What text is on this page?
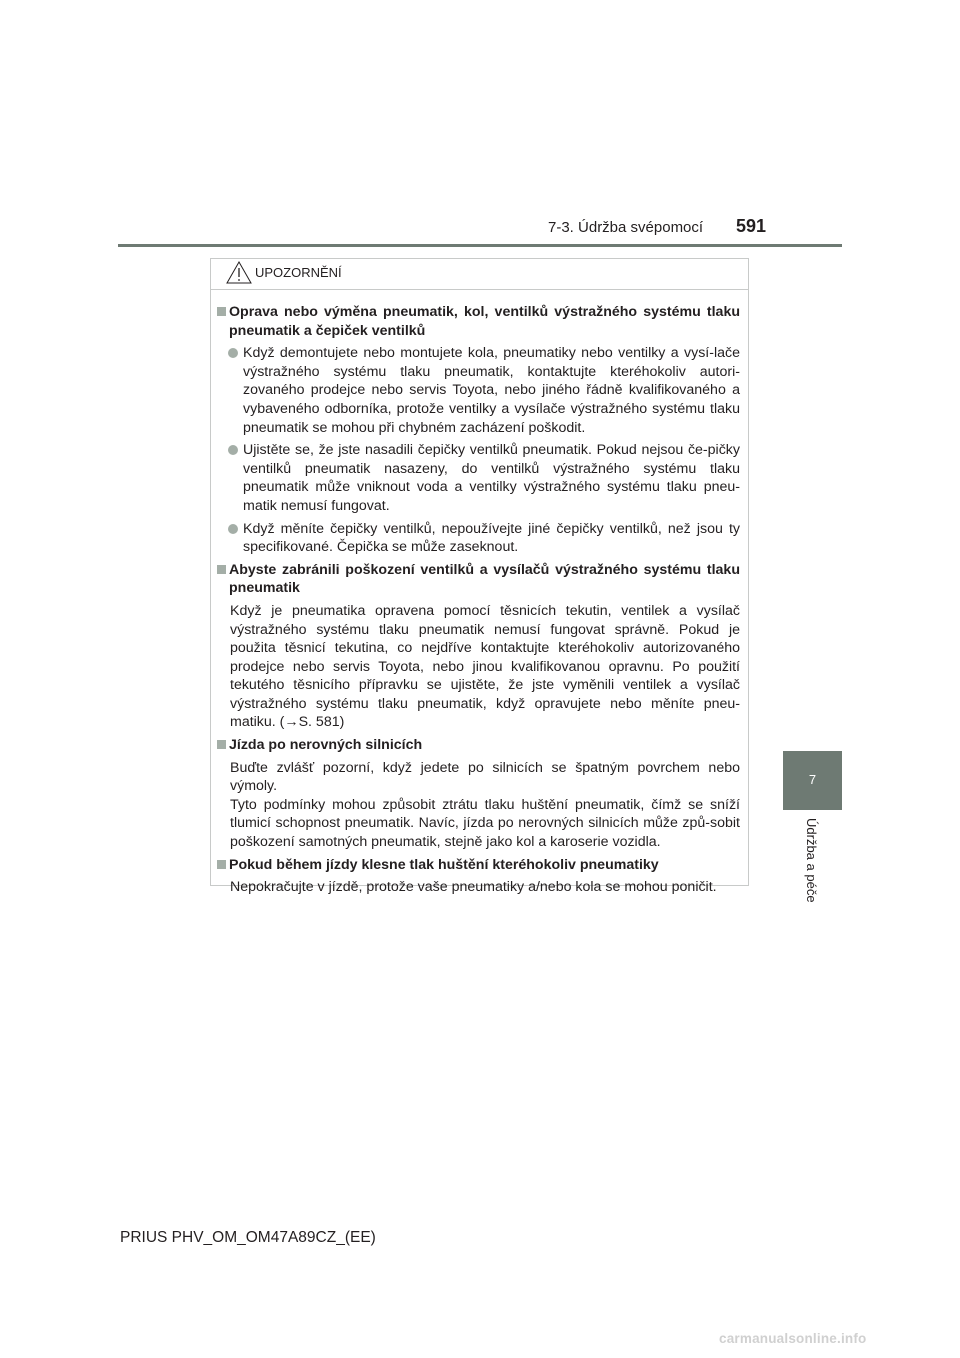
7-3. Údržba svépomocí 591
7
Údržba a péče
UPOZORNĚNÍ
Oprava nebo výměna pneumatik, kol, ventilků výstražného systému tlaku pneumatik a čepiček ventilků
Když demontujete nebo montujete kola, pneumatiky nebo ventilky a vysí-lače výstražného systému tlaku pneumatik, kontaktujte kteréhokoliv autori-zovaného prodejce nebo servis Toyota, nebo jiného řádně kvalifikovaného a vybaveného odborníka, protože ventilky a vysílače výstražného systému tlaku pneumatik se mohou při chybném zacházení poškodit.
Ujistěte se, že jste nasadili čepičky ventilků pneumatik. Pokud nejsou če-pičky ventilků pneumatik nasazeny, do ventilků výstražného systému tlaku pneumatik může vniknout voda a ventilky výstražného systému tlaku pneu-matik nemusí fungovat.
Když měníte čepičky ventilků, nepoužívejte jiné čepičky ventilků, než jsou ty specifikované. Čepička se může zaseknout.
Abyste zabránili poškození ventilků a vysílačů výstražného systému tlaku pneumatik
Když je pneumatika opravena pomocí těsnicích tekutin, ventilek a vysílač výstražného systému tlaku pneumatik nemusí fungovat správně. Pokud je použita těsnicí tekutina, co nejdříve kontaktujte kteréhokoliv autorizovaného prodejce nebo servis Toyota, nebo jinou kvalifikovanou opravnu. Po použití tekutého těsnicího přípravku se ujistěte, že jste vyměnili ventilek a vysílač výstražného systému tlaku pneumatik, když opravujete nebo měníte pneu-matiku. (→S. 581)
Jízda po nerovných silnicích
Buďte zvlášť pozorní, když jedete po silnicích se špatným povrchem nebo výmoly.
Tyto podmínky mohou způsobit ztrátu tlaku huštění pneumatik, čímž se sníží tlumicí schopnost pneumatik. Navíc, jízda po nerovných silnicích může způ-sobit poškození samotných pneumatik, stejně jako kol a karoserie vozidla.
Pokud během jízdy klesne tlak huštění kteréhokoliv pneumatiky
Nepokračujte v jízdě, protože vaše pneumatiky a/nebo kola se mohou poničit.
PRIUS PHV_OM_OM47A89CZ_(EE)
carmanualsonline.info
